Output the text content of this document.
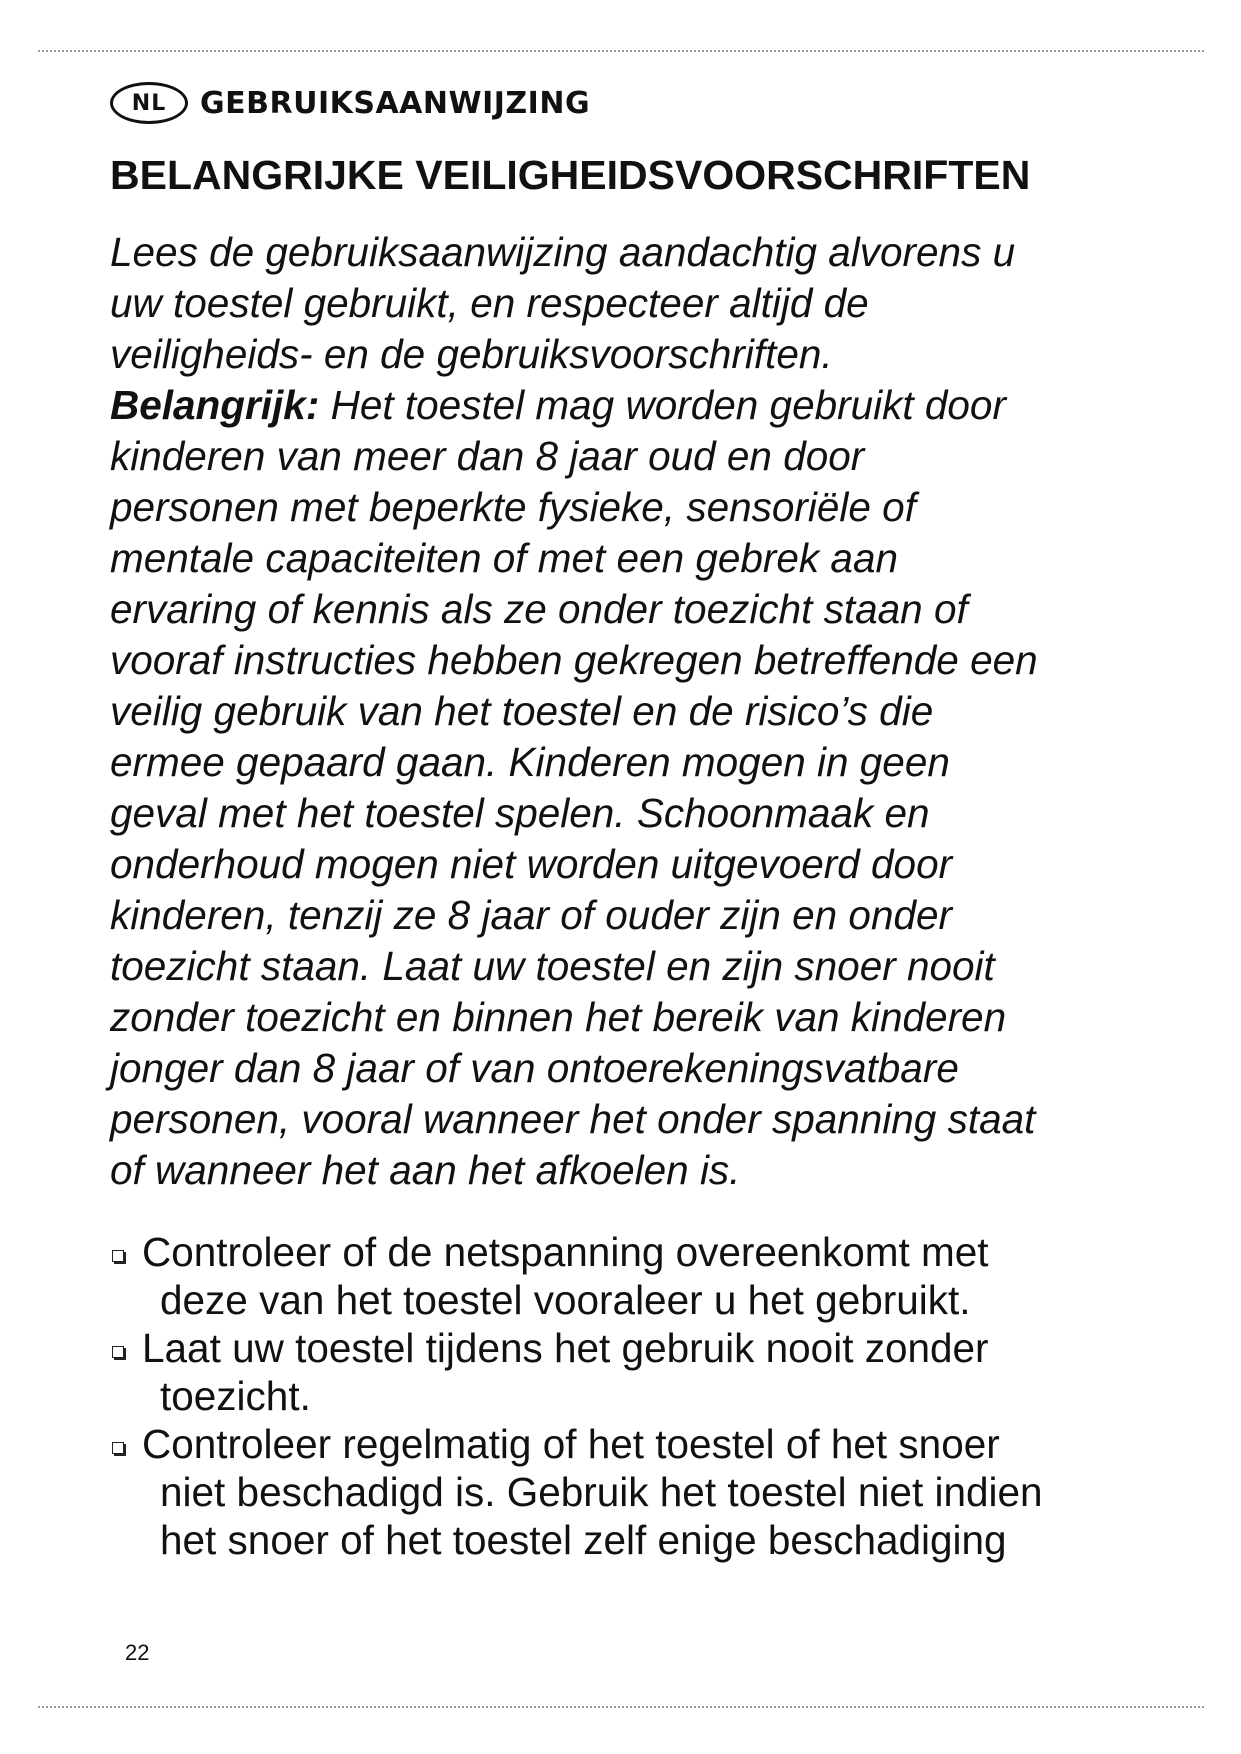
NL	GEBRUIKSAANWIJZING
BELANGRIJKE VEILIGHEIDSVOORSCHRIFTEN
Lees de gebruiksaanwijzing aandachtig alvorens u
uw toestel gebruikt, en respecteer altijd de
veiligheids- en de gebruiksvoorschriften.
Belangrijk: Het toestel mag worden gebruikt door
kinderen van meer dan 8 jaar oud en door
personen met beperkte fysieke, sensoriële of
mentale capaciteiten of met een gebrek aan
ervaring of kennis als ze onder toezicht staan of
vooraf instructies hebben gekregen betreffende een
veilig gebruik van het toestel en de risico’s die
ermee gepaard gaan. Kinderen mogen in geen
geval met het toestel spelen. Schoonmaak en
onderhoud mogen niet worden uitgevoerd door
kinderen, tenzij ze 8 jaar of ouder zijn en onder
toezicht staan. Laat uw toestel en zijn snoer nooit
zonder toezicht en binnen het bereik van kinderen
jonger dan 8 jaar of van ontoerekeningsvatbare
personen, vooral wanneer het onder spanning staat
of wanneer het aan het afkoelen is.
Controleer of de netspanning overeenkomt met
deze van het toestel vooraleer u het gebruikt.
Laat uw toestel tijdens het gebruik nooit zonder
toezicht.
Controleer regelmatig of het toestel of het snoer
niet beschadigd is. Gebruik het toestel niet indien
het snoer of het toestel zelf enige beschadiging
22
